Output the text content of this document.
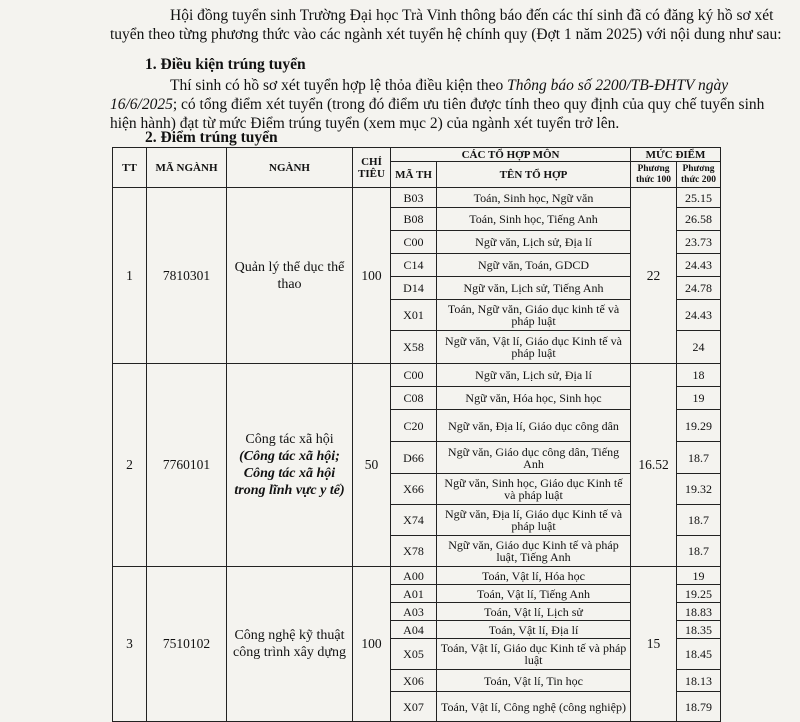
Hội đồng tuyển sinh Trường Đại học Trà Vinh thông báo đến các thí sinh đã có đăng ký hồ sơ xét tuyển theo từng phương thức vào các ngành xét tuyển hệ chính quy (Đợt 1 năm 2025) với nội dung như sau:

1. Điều kiện trúng tuyển
Thí sinh có hồ sơ xét tuyển hợp lệ thỏa điều kiện theo Thông báo số 2200/TB-ĐHTV ngày 16/6/2025; có tổng điểm xét tuyển (trong đó điểm ưu tiên được tính theo quy định của quy chế tuyển sinh hiện hành) đạt từ mức Điểm trúng tuyển (xem mục 2) của ngành xét tuyển trở lên.
2. Điểm trúng tuyển
TT	MÃ NGÀNH	NGÀNH	CHỈ TIÊU	CÁC TỔ HỢP MÔN		MỨC ĐIỂM	
				MÃ TH	TÊN TỔ HỢP	Phương thức 100	Phương thức 200
1	7810301	Quản lý thể dục thể thao	100	B03	Toán, Sinh học, Ngữ văn	22	25.15
				B08	Toán, Sinh học, Tiếng Anh		26.58
				C00	Ngữ văn, Lịch sử, Địa lí		23.73
				C14	Ngữ văn, Toán, GDCD		24.43
				D14	Ngữ văn, Lịch sử, Tiếng Anh		24.78
				X01	Toán, Ngữ văn, Giáo dục kinh tế và pháp luật		24.43
				X58	Ngữ văn, Vật lí, Giáo dục Kinh tế và pháp luật		24
2	7760101	Công tác xã hội
(Công tác xã hội; Công tác xã hội trong lĩnh vực y tế)	50	C00	Ngữ văn, Lịch sử, Địa lí	16.52	18
				C08	Ngữ văn, Hóa học, Sinh học		19
				C20	Ngữ văn, Địa lí, Giáo dục công dân		19.29
				D66	Ngữ văn, Giáo dục công dân, Tiếng Anh		18.7
				X66	Ngữ văn, Sinh học, Giáo dục Kinh tế và pháp luật		19.32
				X74	Ngữ văn, Địa lí, Giáo dục Kinh tế và pháp luật		18.7
				X78	Ngữ văn, Giáo dục Kinh tế và pháp luật, Tiếng Anh		18.7
3	7510102	Công nghệ kỹ thuật công trình xây dựng	100	A00	Toán, Vật lí, Hóa học	15	19
				A01	Toán, Vật lí, Tiếng Anh		19.25
				A03	Toán, Vật lí, Lịch sử		18.83
				A04	Toán, Vật lí, Địa lí		18.35
				X05	Toán, Vật lí, Giáo dục Kinh tế và pháp luật		18.45
				X06	Toán, Vật lí, Tin học		18.13
				X07	Toán, Vật lí, Công nghệ (công nghiệp)		18.79
